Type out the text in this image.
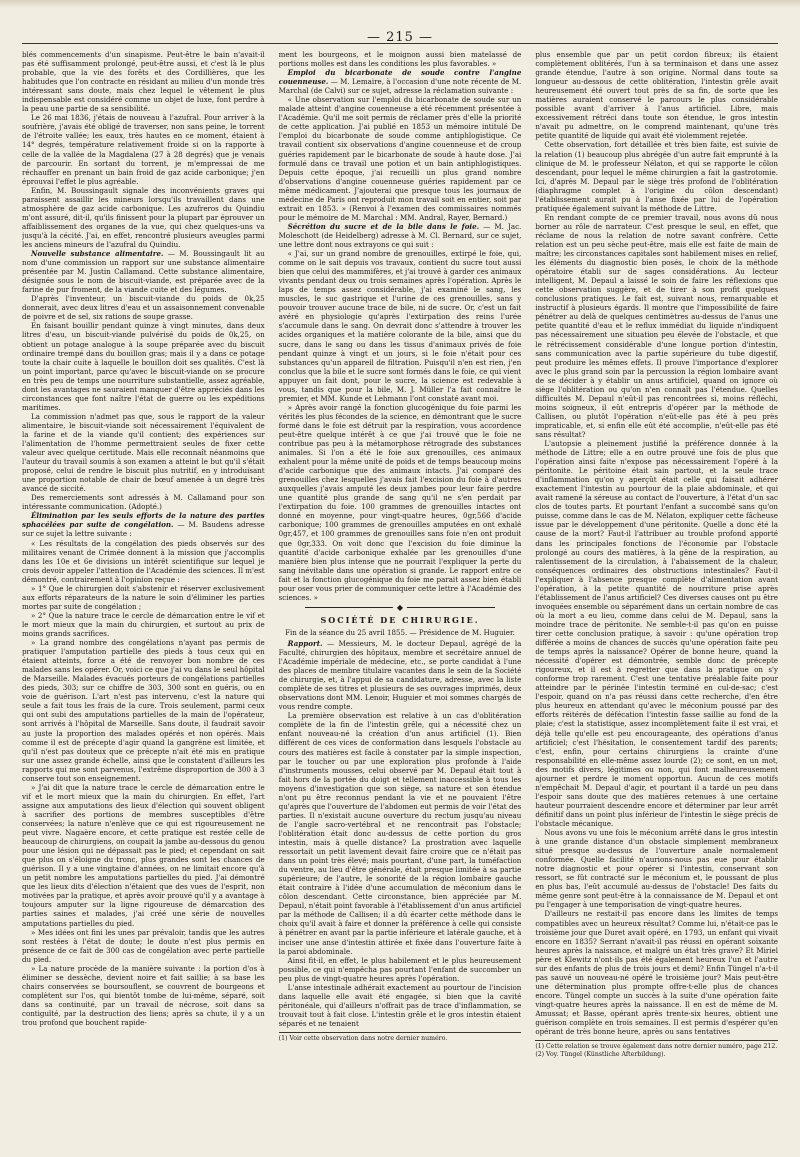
— 215 —

blés commencements d'un sinapisme. Peut-être le bain n'avait-il pas été suffisamment prolongé, peut-être aussi, et c'est là le plus probable, que la vie des forêts et des Cordillières, que les habitudes que l'on contracte en résidant au milieu d'un monde très intéressant sans doute, mais chez lequel le vêtement le plus indispensable est considéré comme un objet de luxe, font perdre à la peau une partie de sa sensibilité.

Le 26 mai 1836, j'étais de nouveau à l'azufral. Pour arriver à la soufrière, j'avais été obligé de traverser, non sans peine, le torrent de l'étroite vallée; les eaux, très hautes en ce moment, étaient à 14° degrés, température relativement froide si on la rapporte à celle de la vallée de la Magdalena (27 à 28 degrés) que je venais de parcourir. En sortant du torrent, je m'empressai de me réchauffer en prenant un bain froid de gaz acide carbonique; j'en éprouvai l'effet le plus agréable.

Enfin, M. Boussingault signale des inconvénients graves qui paraissent assaillir les mineurs lorsqu'ils travaillent dans une atmosphère de gaz acide carbonique. Les azufreros du Quindiu m'ont assuré, dit-il, qu'ils finissent pour la plupart par éprouver un affaiblissement des organes de la vue, qui chez quelques-uns va jusqu'à la cécité. J'ai, en effet, rencontré plusieurs aveugles parmi les anciens mineurs de l'azufral du Quindiu.

Nouvelle substance alimentaire. — M. Boussingault lit au nom d'une commission un rapport sur une substance alimentaire présentée par M. Justin Callamand. Cette substance alimentaire, désignée sous le nom de biscuit-viande, est préparée avec de la farine de pur froment, de la viande cuite et des légumes.

D'après l'inventeur, un biscuit-viande du poids de 0k,25 donnerait, avec deux litres d'eau et un assaisonnement convenable de poivre et de sel, six rations de soupe grasse.

En faisant bouillir pendant quinze à vingt minutes, dans deux litres d'eau, un biscuit-viande pulvérisé du poids de 0k,25, on obtient un potage analogue à la soupe préparée avec du biscuit ordinaire trempé dans du bouillon gras; mais il y a dans ce potage toute la chair cuite à laquelle le bouillon doit ses qualités. C'est là un point important, parce qu'avec le biscuit-viande on se procure en très peu de temps une nourriture substantielle, assez agréable, dont les avantages ne sauraient manquer d'être appréciés dans les circonstances que font naître l'état de guerre ou les expéditions maritimes.

La commission n'admet pas que, sous le rapport de la valeur alimentaire, le biscuit-viande soit nécessairement l'équivalent de la farine et de la viande qu'il contient; des expériences sur l'alimentation de l'homme permettraient seules de fixer cette valeur avec quelque certitude. Mais elle reconnaît néanmoins que l'auteur du travail soumis à son examen a atteint le but qu'il s'était proposé, celui de rendre le biscuit plus nutritif, en y introduisant une proportion notable de chair de bœuf amenée à un degré très avancé de siccité.

Des remerciements sont adressés à M. Callamand pour son intéressante communication. (Adopté.)

Élimination par les seuls efforts de la nature des parties sphacélées par suite de congélation. — M. Baudens adresse sur ce sujet la lettre suivante :

« Les résultats de la congélation des pieds observés sur des militaires venant de Crimée donnent à la mission que j'accomplis dans les 10e et 6e divisions un intérêt scientifique sur lequel je crois devoir appeler l'attention de l'Académie des sciences. Il m'est démontré, contrairement à l'opinion reçue :

» 1° Que le chirurgien doit s'abstenir et réserver exclusivement aux efforts réparateurs de la nature le soin d'éliminer les parties mortes par suite de congélation ;

» 2° Que la nature trace le cercle de démarcation entre le vif et le mort mieux que la main du chirurgien, et surtout au prix de moins grands sacrifices.

» La grand nombre des congélations n'ayant pas permis de pratiquer l'amputation partielle des pieds à tous ceux qui en étaient atteints, force a été de renvoyer bon nombre de ces malades sans les opérer. Or, voici ce que j'ai vu dans le seul hôpital de Marseille. Malades évacués porteurs de congélations partielles des pieds, 303; sur ce chiffre de 303, 300 sont en guéris, ou en voie de guérison. L'art n'est pas intervenu, c'est la nature qui seule a fait tous les frais de la cure. Trois seulement, parmi ceux qui ont subi des amputations partielles de la main de l'opérateur, sont arrivés à l'hôpital de Marseille. Sans doute, il faudrait savoir au juste la proportion des malades opérés et non opérés. Mais comme il est de précepte d'agir quand la gangrène est limitée, et qu'il n'est pas douteux que ce précepte n'ait été mis en pratique sur une assez grande échelle, ainsi que le constatent d'ailleurs les rapports qui me sont parvenus, l'extrême disproportion de 300 à 3 conserve tout son enseignement.

» J'ai dit que la nature trace le cercle de démarcation entre le vif et le mort mieux que la main du chirurgien. En effet, l'art assigne aux amputations des lieux d'élection qui souvent obligent à sacrifier des portions de membres susceptibles d'être conservées; la nature n'enlève que ce qui est rigoureusement ne peut vivre. Nagaère encore, et cette pratique est restée celle de beaucoup de chirurgiens, on coupait la jambe au-dessous du genou pour une lésion qui ne dépassait pas le pied; et cependant on sait que plus on s'éloigne du tronc, plus grandes sont les chances de guérison. Il y a une vingtaine d'années, on ne limitait encore qu'à un petit nombre les amputations partielles du pied. J'ai démontré que les lieux dits d'élection n'étaient que des vues de l'esprit, non motivées par la pratique, et après avoir prouvé qu'il y a avantage à toujours amputer sur la ligne rigoureuse de démarcation des parties saines et malades, j'ai créé une série de nouvelles amputations partielles du pied.

» Mes idées ont fini les unes par prévaloir, tandis que les autres sont restées à l'état de doute; le doute n'est plus permis en présence de ce fait de 300 cas de congélation avec perte partielle du pied.

» La nature procède de la manière suivante : la portion d'os à éliminer se dessèche, devient noire et fait saillie; à sa base les chairs conservées se boursouflent, se couvrent de bourgeons et complètent sur l'os, qui bientôt tombe de lui-même, séparé, soit dans sa continuité, par un travail de nécrose, soit dans sa contiguïté, par la destruction des liens; après sa chute, il y a un trou profond que bouchent rapide-

ment les bourgeons, et le moignon aussi bien matelassé de portions molles est dans les conditions les plus favorables. »

Emploi du bicarbonate de soude contre l'angine couenneuse. — M. Lemaire, à l'occasion d'une note récente de M. Marchal (de Calvi) sur ce sujet, adresse la réclamation suivante :

« Une observation sur l'emploi du bicarbonate de soude sur un malade atteint d'angine couenneuse a été récemment présentée à l'Académie. Qu'il me soit permis de réclamer près d'elle la priorité de cette application. J'ai publié en 1853 un mémoire intitulé De l'emploi du bicarbonate de soude comme antiphlogistique. Ce travail contient six observations d'angine couenneuse et de croup guéries rapidement par le bicarbonate de soude à haute dose. J'ai formulé dans ce travail une potion et un bain antiphlogistiques. Depuis cette époque, j'ai recueilli un plus grand nombre d'observations d'angine couenneuse guéries rapidement par ce même médicament. J'ajouterai que presque tous les journaux de médecine de Paris ont reproduit mon travail soit en entier, soit par extrait en 1853. » (Renvoi à l'examen des commissaires nommés pour le mémoire de M. Marchal : MM. Andral, Rayer, Bernard.)

Sécrétion du sucre et de la bile dans le foie. — M. Jac. Moleschott (de Heidelberg) adresse à M. Cl. Bernard, sur ce sujet, une lettre dont nous extrayons ce qui suit :

« J'ai, sur un grand nombre de grenouilles, extirpé le foie, qui, comme on le sait depuis vos travaux, contient du sucre tout aussi bien que celui des mammifères, et j'ai trouvé à garder ces animaux vivants pendant deux ou trois semaines après l'opération. Après le laps de temps assez considérable, j'ai examiné le sang, les muscles, le suc gastrique et l'urine de ces grenouilles, sans y pouvoir trouver aucune trace de bile, ni de sucre. Or, c'est un fait avéré en physiologie qu'après l'extirpation des reins l'urée s'accumule dans le sang. On devrait donc s'attendre à trouver les acides organiques et la matière colorante de la bile, ainsi que du sucre, dans le sang ou dans les tissus d'animaux privés de foie pendant quinze à vingt et un jours, si le foie n'était pour ces substances qu'un appareil de filtration. Puisqu'il n'en est rien, j'en conclus que la bile et le sucre sont formés dans le foie, ce qui vient appuyer un fait dont, pour le sucre, la science est redevable à vous, tandis que pour la bile, M. J. Müller l'a fait connaître le premier, et MM. Kunde et Lehmann l'ont constaté avant moi.

» Après avoir rangé la fonction glucogénique du foie parmi les vérités les plus fécondes de la science, en démontrant que le sucre formé dans le foie est détruit par la respiration, vous accordence peut-être quelque intérêt à ce que j'ai trouvé que le foie ne contribue pas peu à la métamorphose rétrograde des substances animales. Si l'on a été le foie aux grenouilles, ces animaux exhalent pour la même unité de poids et de temps beaucoup moins d'acide carbonique que des animaux intacts. J'ai comparé des grenouilles chez lesquelles j'avais fait l'excision du foie à d'autres auxquelles j'avais amputé les deux jambes pour leur faire perdre une quantité plus grande de sang qu'il ne s'en perdait par l'extirpation du foie. 100 grammes de grenouilles intactes ont donné en moyenne, pour vingt-quatre heures, 0gr,566 d'acide carbonique; 100 grammes de grenouilles amputées en ont exhalé 0gr,457, et 100 grammes de grenouilles sans foie n'en ont produit que 0gr,333. On voit donc que l'excision du foie diminue la quantité d'acide carbonique exhalée par les grenouilles d'une manière bien plus intense que ne pourrait l'expliquer la perte du sang inévitable dans une opération si grande. Le rapport entre ce fait et la fonction glucogénique du foie me parait assez bien établi pour oser vous prier de communiquer cette lettre à l'Académie des sciences. »

◆
SOCIÉTÉ DE CHIRURGIE.
Fin de la séance du 25 avril 1855. — Présidence de M. Huguier.

Rapport. — Messieurs, M. le docteur Depaul, agrégé de la Faculté, chirurgien des hôpitaux, membre et secrétaire annuel de l'Académie impériale de médecine, etc., se porte candidat à l'une des places de membre titulaire vacantes dans le sein de la Société de chirurgie, et, à l'appui de sa candidature, adresse, avec la liste complète de ses titres et plusieurs de ses ouvrages imprimés, deux observations dont MM. Lenoir, Huguier et moi sommes chargés de vous rendre compte.

La première observation est relative à un cas d'oblitération complète de la fin de l'intestin grêle, qui a nécessité chez un enfant nouveau-né la création d'un anus artificiel (1). Bien différent de ces vices de conformation dans lesquels l'obstacle au cours des matières est facile à constater par la simple inspection, par le toucher ou par une exploration plus profonde à l'aide d'instruments mousses, celui observé par M. Depaul était tout à fait hors de la portée du doigt et tellement inaccessible à tous les moyens d'investigation que son siège, sa nature et son étendue n'ont pu être reconnus pendant la vie et ne pouvaient l'être qu'après que l'ouverture de l'abdomen eut permis de voir l'état des parties. Il n'existait aucune ouverture du rectum jusqu'au niveau de l'angle sacro-vertébral et ne rencontrait pas l'obstacle; l'oblitération était donc au-dessus de cette portion du gros intestin, mais à quelle distance? La prostration avec laquelle ressortait un petit lavement devait faire croire que ce n'était pas dans un point très élevé; mais pourtant, d'une part, la tuméfaction du ventre, au lieu d'être générale, était presque limitée à sa partie supérieure; de l'autre, le sonorité de la région lombaire gauche était contraire à l'idée d'une accumulation de méconium dans le côlon descendant. Cette circonstance, bien appréciée par M. Depaul, n'était point favorable à l'établissement d'un anus artificiel par la méthode de Callisen; il a dû écarter cette méthode dans le choix qu'il avait à faire et donner la préférence à celle qui consiste à pénétrer en avant par la partie inférieure et latérale gauche, et à inciser une anse d'intestin attirée et fixée dans l'ouverture faite à la paroi abdominale.

Ainsi fit-il, en effet, le plus habilement et le plus heureusement possible, ce qui n'empêcha pas pourtant l'enfant de succomber un peu plus de vingt-quatre heures après l'opération.

L'anse intestinale adhérait exactement au pourtour de l'incision dans laquelle elle avait été engagée, si bien que la cavité péritonéale, qui d'ailleurs n'offrait pas de trace d'inflammation, se trouvait tout à fait close. L'intestin grêle et le gros intestin étaient séparés et ne tenaient

(1) Voir cette observation dans notre dernier numéro.

plus ensemble que par un petit cordon fibreux; ils étaient complètement oblitérés, l'un à sa terminaison et dans une assez grande étendue, l'autre à son origine. Normal dans toute sa longueur au-dessous de cette oblitération, l'intestin grêle avait heureusement été ouvert tout près de sa fin, de sorte que les matières auraient conservé le parcours le plus considérable possible avant d'arriver à l'anus artificiel. Libre, mais excessivement rétréci dans toute son étendue, le gros intestin n'avait pu admettre, on le comprend maintenant, qu'une très petite quantité de liquide qui avait été violemment rejetée.

Cette observation, fort détaillée et très bien faite, est suivie de la relation (1) beaucoup plus abrégée d'un autre fait emprunté à la clinique de M. le professeur Nélaton, et qui se rapporte le côlon descendant, pour lequel le même chirurgien a fait la gastrotomie. Ici, d'après M. Depaul par le siège très profond de l'oblitération (diaphragme complet à l'origine du côlon descendant) l'établissement aurait pu à l'anse fixée par lui de l'opération pratiquée également suivant la méthode de Littre.

En rendant compte de ce premier travail, nous avons dû nous borner au rôle de narrateur. C'est presque le seul, en effet, que réclame de nous la relation de notre savant confrère. Cette relation est un peu sèche peut-être, mais elle est faite de main de maître; les circonstances capitales sont habilement mises en relief, les éléments du diagnostic bien posés, le choix de la méthode opératoire établi sur de sages considérations. Au lecteur intelligent, M. Depaul a laissé le soin de faire les réflexions que cette observation suggère, et de tirer à son profit quelques conclusions pratiques. Le fait est, suivant nous, remarquable et instructif à plusieurs égards. Il montre que l'impossibilité de faire pénétrer au delà de quelques centimètres au-dessus de l'anus une petite quantité d'eau et le reflux immédiat du liquide n'indiquent pas nécessairement une situation peu élevée de l'obstacle, et que le rétrécissement considérable d'une longue portion d'intestin, sans communication avec la partie supérieure du tube digestif, peut produire les mêmes effets. Il prouve l'importance d'explorer avec le plus grand soin par la percussion la région lombaire avant de se décider à y établir un anus artificiel, quand on ignore où siège l'oblitération ou qu'on n'en connaît pas l'étendue. Quelles difficultés M. Depaul n'eût-il pas rencontrées si, moins réfléchi, moins soigneux, il eût entrepris d'opérer par la méthode de Callisen, ou plutôt l'opération n'eût-elle pas été à peu près impraticable, et, si enfin elle eût été accomplie, n'eût-elle pas été sans résultat?

L'autopsie a pleinement justifié la préférence donnée à la méthode de Littre; elle a en outre prouvé une fois de plus que l'opération ainsi faite n'expose pas nécessairement l'opéré à la péritonite. Le péritoine était sain partout, et la seule trace d'inflammation qu'on y aperçût était celle qui faisait adhérer exactement l'intestin au pourtour de la plaie abdominale, et qui avait ramené la séreuse au contact de l'ouverture, à l'état d'un sac clos de toutes parts. Et pourtant l'enfant a succombé sans qu'on puisse, comme dans le cas de M. Nélaton, expliquer cette fâcheuse issue par le développement d'une péritonite. Quelle a donc été la cause de la mort? Faut-il l'attribuer au trouble profond apporté dans les principales fonctions de l'économie par l'obstacle prolongé au cours des matières, à la gêne de la respiration, au ralentissement de la circulation, à l'abaissement de la chaleur, conséquences ordinaires des obstructions intestinales? Faut-il l'expliquer à l'absence presque complète d'alimentation avant l'opération, à la petite quantité de nourriture prise après l'établissement de l'anus artificiel? Ces diverses causes ont pu être invoquées ensemble ou séparément dans un certain nombre de cas où la mort a eu lieu, comme dans celui de M. Depaul, sans la moindre trace de péritonite. Ne semble-t-il pas qu'on en puisse tirer cette conclusion pratique, à savoir : qu'une opération trop différée a moins de chances de succès qu'une opération faite peu de temps après la naissance? Opérer de bonne heure, quand la nécessité d'opérer est démontrée, semble donc de précepte rigoureux, et il est à regretter que dans la pratique on s'y conforme trop rarement. C'est une tentative préalable faite pour atteindre par le périnée l'intestin terminé en cul-de-sac; c'est l'espoir, quand on n'a pas réussi dans cette recherche, d'en être plus heureux en attendant qu'avec le méconium poussé par des efforts réitérés de défécation l'intestin fasse saillie au fond de la plaie; c'est la statistique, assez incomplètement faite il est vrai, et déjà telle qu'elle est peu encourageante, des opérations d'anus artificiel; c'est l'hésitation, le consentement tardif des parents; c'est, enfin, pour certains chirurgiens la crainte d'une responsabilité en elle-même assez lourde (2); ce sont, en un mot, des motifs divers, légitimes ou non, qui font malheureusement ajourner et perdre le moment opportun. Aucun de ces motifs n'empêchait M. Depaul d'agir, et pourtant il a tardé un peu dans l'espoir sans doute que des matières retenues à une certaine hauteur pourraient descendre encore et déterminer par leur arrêt définitif dans un point plus inférieur de l'intestin le siège précis de l'obstacle mécanique.

Nous avons vu une fois le méconium arrêté dans le gros intestin à une grande distance d'un obstacle simplement membraneux situé presque au-dessus de l'ouverture anale normalement conformée. Quelle facilité n'aurions-nous pas eue pour établir notre diagnostic et pour opérer si l'intestin, conservant son ressort, se fût contracté sur le méconium et, le poussant de plus en plus bas, l'eût accumulé au-dessus de l'obstacle! Des faits du même genre sont peut-être à la connaissance de M. Depaul et ont pu l'engager à une temporisation de vingt-quatre heures.

D'ailleurs ne restait-il pas encore dans les limites de temps compatibles avec un heureux résultat? Comme lui, n'était-ce pas le troisième jour que Duret avait opéré, en 1793, un enfant qui vivait encore en 1835? Serrant n'avait-il pas réussi en opérant soixante heures après la naissance, et malgré un état très grave? Et Miriel père et Klewitz n'ont-ils pas été également heureux l'un et l'autre sur des enfants de plus de trois jours et demi? Enfin Tüngel n'a-t-il pas sauvé un nouveau-né opéré le troisième jour? Mais peut-être une détermination plus prompte offre-t-elle plus de chances encore. Tüngel compte un succès à la suite d'une opération faite vingt-quatre heures après la naissance. Il en est de même de M. Amussat; et Basse, opérant après trente-six heures, obtient une guérison complète en trois semaines. Il est permis d'espérer qu'en opérant de très bonne heure, après ou sans tentatives

(1) Cette relation se trouve également dans notre dernier numéro, page 212.
(2) Voy. Tüngel (Künstliche Afterbildung).
